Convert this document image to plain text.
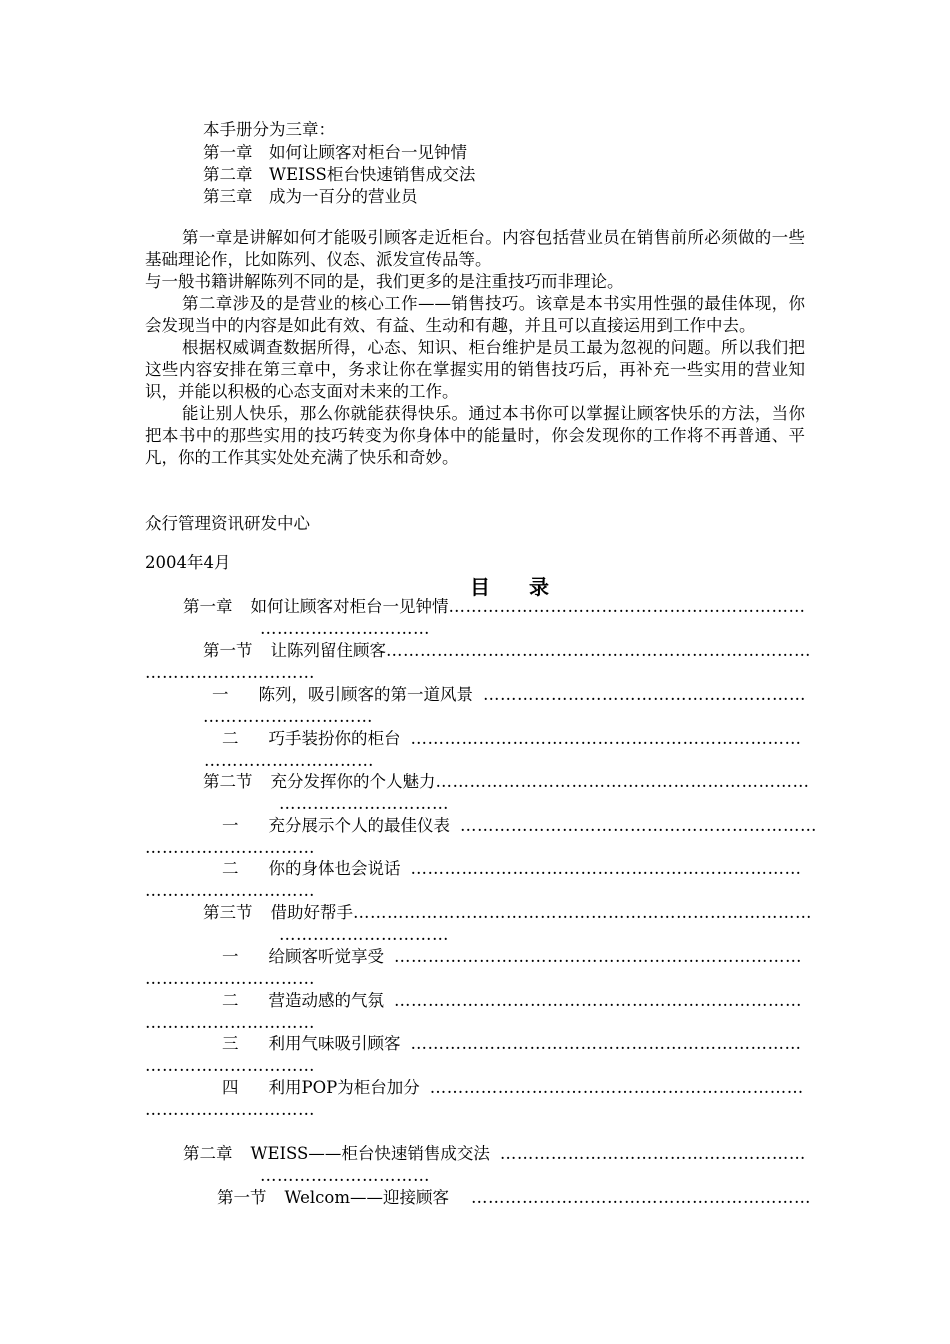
本手册分为三章：
第一章　如何让顾客对柜台一见钟情
第二章　WEISS柜台快速销售成交法
第三章　成为一百分的营业员

第一章是讲解如何才能吸引顾客走近柜台。内容包括营业员在销售前所必须做的一些基础理论作，比如陈列、仪态、派发宣传品等。

与一般书籍讲解陈列不同的是，我们更多的是注重技巧而非理论。

第二章涉及的是营业的核心工作——销售技巧。该章是本书实用性强的最佳体现，你会发现当中的内容是如此有效、有益、生动和有趣，并且可以直接运用到工作中去。

根据权威调查数据所得，心态、知识、柜台维护是员工最为忽视的问题。所以我们把这些内容安排在第三章中，务求让你在掌握实用的销售技巧后，再补充一些实用的营业知识，并能以积极的心态支面对未来的工作。

能让别人快乐，那么你就能获得快乐。通过本书你可以掌握让顾客快乐的方法，当你把本书中的那些实用的技巧转变为你身体中的能量时，你会发现你的工作将不再普通、平凡，你的工作其实处处充满了快乐和奇妙。

众行管理资讯研发中心
2004年4月
目 录
第一章 如何让顾客对柜台一见钟情………………………………………………………
…………………………
第一节 让陈列留住顾客…………………………………………………………………
…………………………
一 陈列，吸引顾客的第一道风景 …………………………………………………
…………………………
二 巧手装扮你的柜台 ……………………………………………………………
…………………………
第二节 充分发挥你的个人魅力…………………………………………………………
…………………………
一 充分展示个人的最佳仪表 ………………………………………………………
…………………………
二 你的身体也会说话 ……………………………………………………………
…………………………
第三节 借助好帮手………………………………………………………………………
…………………………
一 给顾客听觉享受 ………………………………………………………………
…………………………
二 营造动感的气氛 ………………………………………………………………
…………………………
三 利用气味吸引顾客 ……………………………………………………………
…………………………
四 利用POP为柜台加分 …………………………………………………………
…………………………
第二章 WEISS——柜台快速销售成交法 ………………………………………………
…………………………
第一节 Welcom——迎接顾客 ……………………………………………………
